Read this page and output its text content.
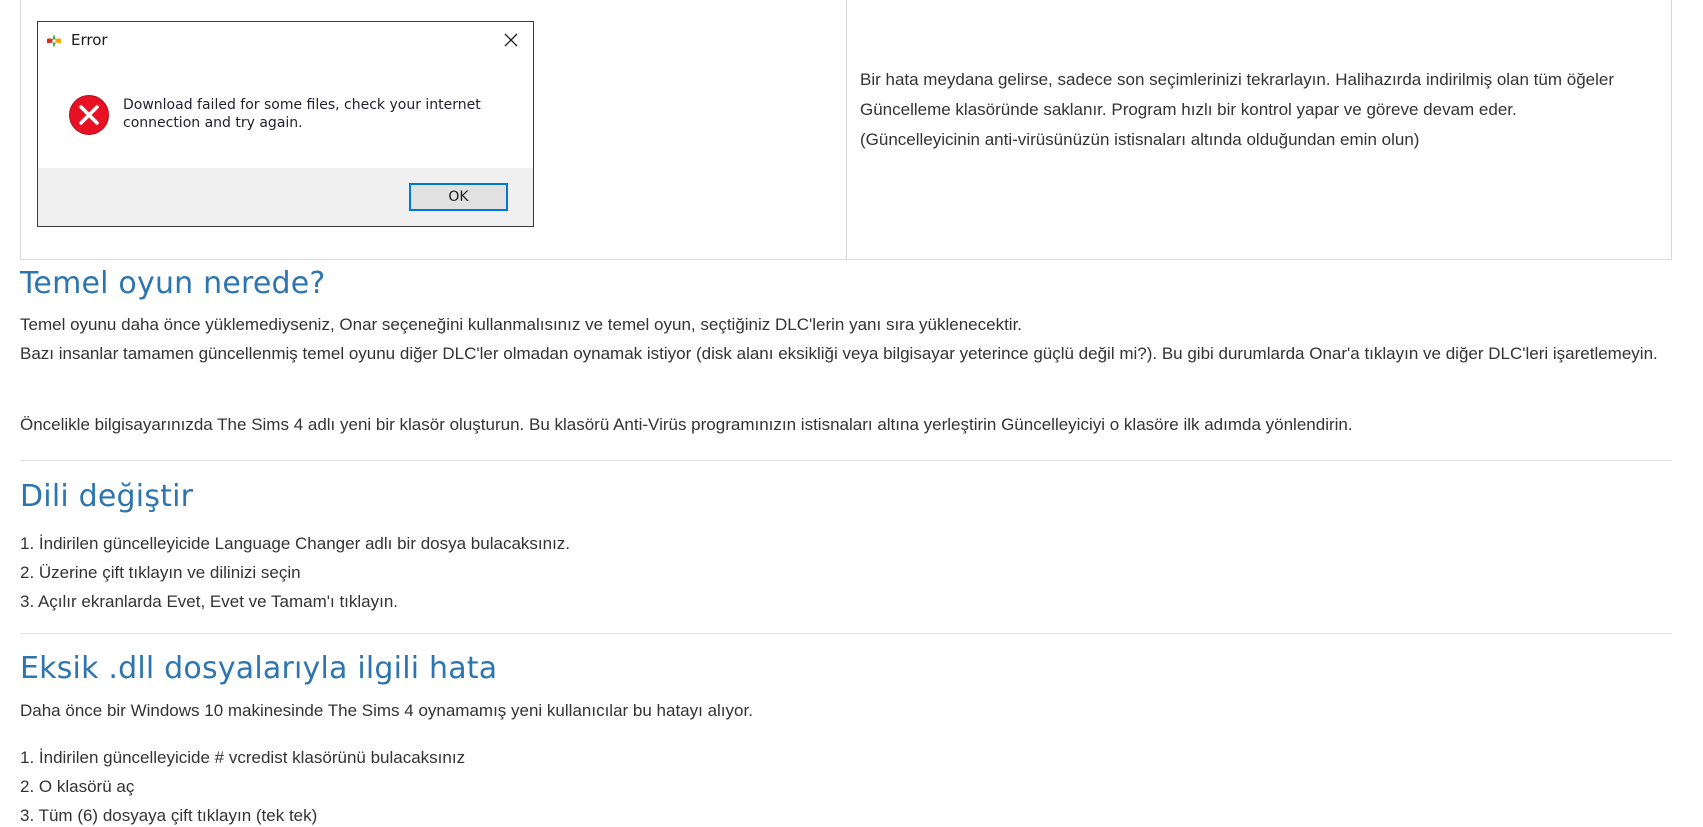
Error
Download failed for some files, check your internet connection and try again.
OK

Bir hata meydana gelirse, sadece son seçimlerinizi tekrarlayın. Halihazırda indirilmiş olan tüm öğeler Güncelleme klasöründe saklanır. Program hızlı bir kontrol yapar ve göreve devam eder.
(Güncelleyicinin anti-virüsünüzün istisnaları altında olduğundan emin olun)

Temel oyun nerede?

Temel oyunu daha önce yüklemediyseniz, Onar seçeneğini kullanmalısınız ve temel oyun, seçtiğiniz DLC'lerin yanı sıra yüklenecektir.
Bazı insanlar tamamen güncellenmiş temel oyunu diğer DLC'ler olmadan oynamak istiyor (disk alanı eksikliği veya bilgisayar yeterince güçlü değil mi?). Bu gibi durumlarda Onar'a tıklayın ve diğer DLC'leri işaretlemeyin.

Öncelikle bilgisayarınızda The Sims 4 adlı yeni bir klasör oluşturun. Bu klasörü Anti-Virüs programınızın istisnaları altına yerleştirin Güncelleyiciyi o klasöre ilk adımda yönlendirin.

Dili değiştir
1. İndirilen güncelleyicide Language Changer adlı bir dosya bulacaksınız.
2. Üzerine çift tıklayın ve dilinizi seçin
3. Açılır ekranlarda Evet, Evet ve Tamam'ı tıklayın.
Eksik .dll dosyalarıyla ilgili hata

Daha önce bir Windows 10 makinesinde The Sims 4 oynamamış yeni kullanıcılar bu hatayı alıyor.

1. İndirilen güncelleyicide # vcredist klasörünü bulacaksınız
2. O klasörü aç
3. Tüm (6) dosyaya çift tıklayın (tek tek)
